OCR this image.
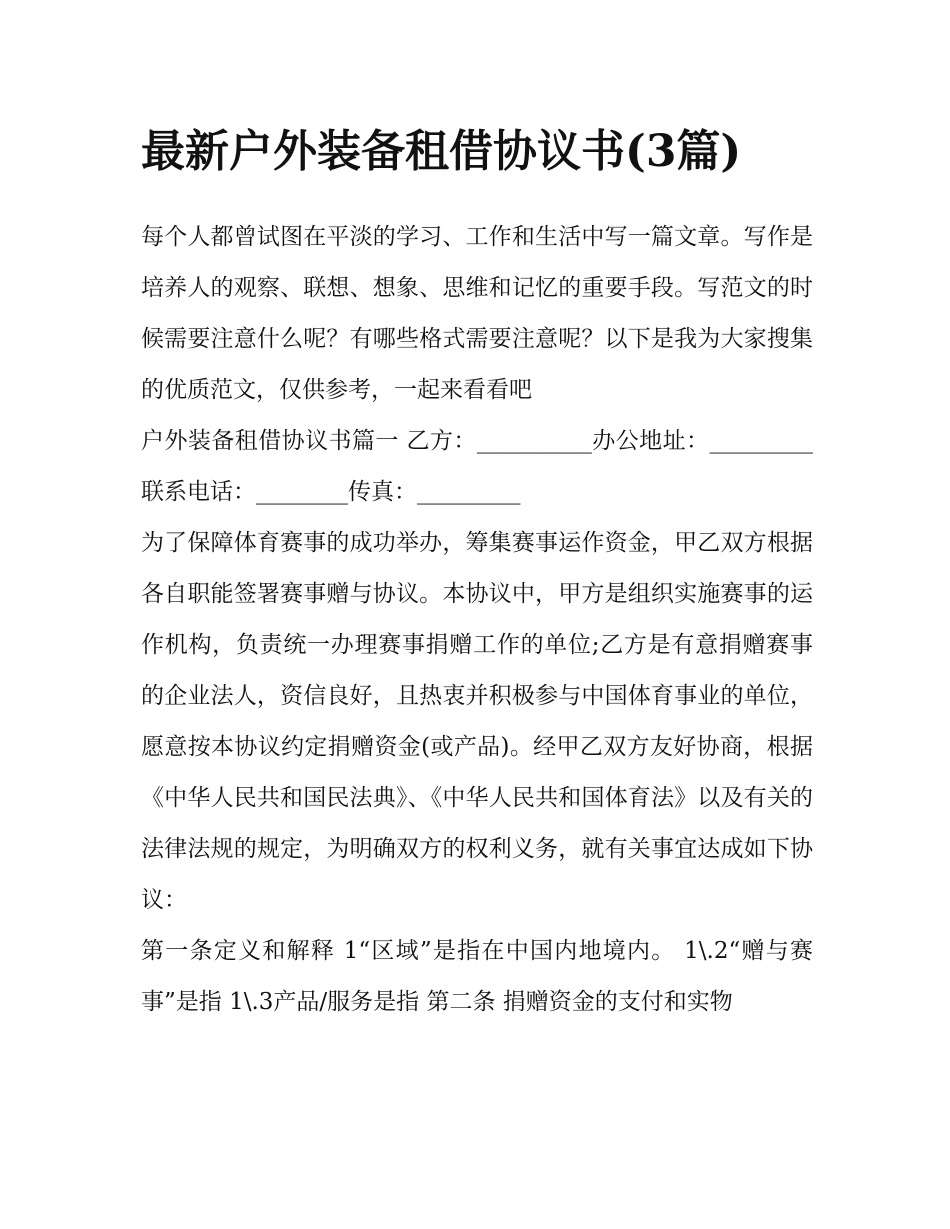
最新户外装备租借协议书(3篇)

每个人都曾试图在平淡的学习、工作和生活中写一篇文章。写作是培养人的观察、联想、想象、思维和记忆的重要手段。写范文的时候需要注意什么呢？有哪些格式需要注意呢？以下是我为大家搜集的优质范文，仅供参考，一起来看看吧

户外装备租借协议书篇一 乙方：__________办公地址：_________联系电话：________传真：_________

为了保障体育赛事的成功举办，筹集赛事运作资金，甲乙双方根据各自职能签署赛事赠与协议。本协议中，甲方是组织实施赛事的运作机构，负责统一办理赛事捐赠工作的单位;乙方是有意捐赠赛事的企业法人，资信良好，且热衷并积极参与中国体育事业的单位，愿意按本协议约定捐赠资金(或产品)。经甲乙双方友好协商，根据《中华人民共和国民法典》、《中华人民共和国体育法》以及有关的法律法规的规定，为明确双方的权利义务，就有关事宜达成如下协议：

第一条定义和解释 1“区域”是指在中国内地境内。 1\.2“赠与赛事”是指 1\.3产品/服务是指 第二条 捐赠资金的支付和实物
